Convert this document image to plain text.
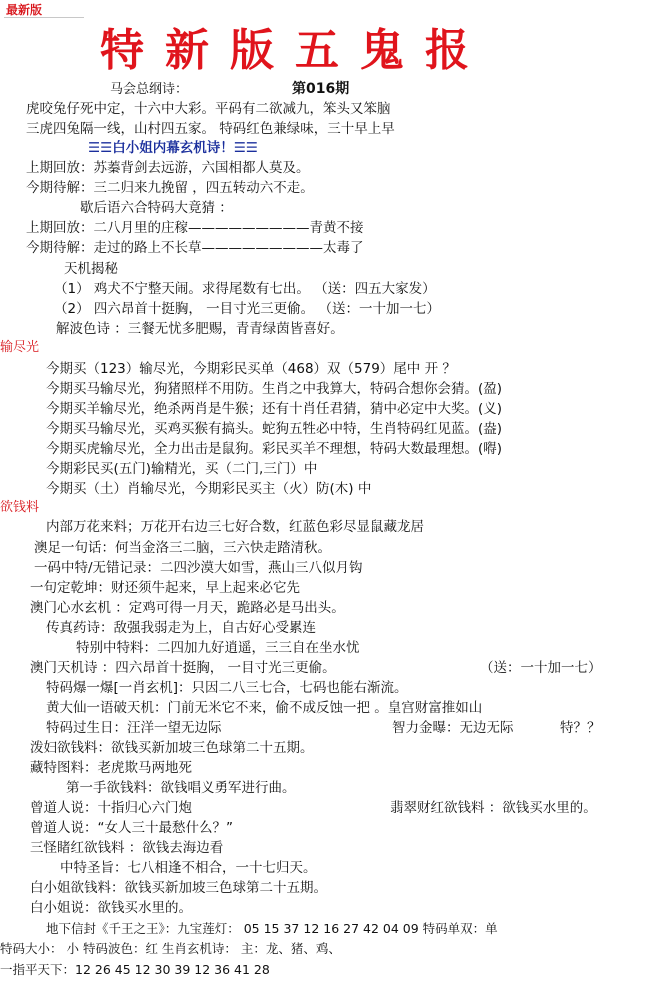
最新版
特新版五鬼报
马会总纲诗：	第016期
虎咬兔仔死中定，十六中大彩。平码有二欲减九，笨头又笨脑
三虎四兔隔一线，山村四五家。 特码红色兼绿味，三十早上早
☰☰白小姐内幕玄机诗！☰☰
上期回放：苏蓁背剑去远游，六国相都人莫及。
今期待解：三二归来九挽留 ，四五转动六不走。
歇后语六合特码大竟猜 ：
上期回放：二八月里的庄稼—————————青黄不接
今期待解：走过的路上不长草—————————太毒了
天机揭秘
（1） 鸡犬不宁整天闹。求得尾数有七出。 （送：四五大家发）
（2） 四六昂首十挺胸， 一目寸光三更偷。 （送：一十加一七）
解波色诗 ：三餐无忧多肥赐，青青绿茵皆喜好。
输尽光
今期买（123）输尽光，今期彩民买单（468）双（579）尾中 开 ？
今期买马输尽光，狗猪照样不用防。生肖之中我算大，特码合想你会猜。(盈)
今期买羊输尽光，绝杀两肖是牛猴；还有十肖任君猜，猜中必定中大奖。(义)
今期买马输尽光，买鸡买猴有搞头。蛇狗五牲必中特，生肖特码红见蓝。(盎)
今期买虎输尽光，全力出击是鼠狗。彩民买羊不理想，特码大数最理想。(嘚)
今期彩民买(五门)输精光，买（二门,三门）中
今期买（土）肖输尽光，今期彩民买主（火）防(木) 中
欲钱料
内部万花来料；万花开右边三七好合数，红蓝色彩尽显鼠藏龙居
澳足一句话：何当金洛三二脑，三六快走踏清秋。
一码中特/无错记录：二四沙漠大如雪，燕山三八似月钩
一句定乾坤：财还须牛起来，早上起来必它先
澳门心水玄机 ：定鸡可得一月天，跪路必是马出头。
传真药诗：敌强我弱走为上，自古好心受累连
特别中特料：二四加九好逍遥，三三自在坐水忧
澳门天机诗 ：四六昂首十挺胸， 一目寸光三更偷。	（送：一十加一七）
特码爆一爆[一肖玄机]：只因二八三七合，七码也能右渐流。
黄大仙一语破天机：门前无米它不来，偷不成反蚀一把 。皇宫财富推如山
特码过生日：汪洋一望无边际	智力金曝：无边无际	特？？
泼妇欲钱料：欲钱买新加坡三色球第二十五期。
藏特图料：老虎欺马两地死
第一手欲钱料：欲钱唱义勇军进行曲。
曾道人说：十指归心六门炮	翡翠财红欲钱料 ：欲钱买水里的。
曾道人说：“女人三十最愁什么？”
三怪睹红欲钱料 ：欲钱去海边看
中特圣旨：七八相逢不相合，一十七归天。
白小姐欲钱料：欲钱买新加坡三色球第二十五期。
白小姐说：欲钱买水里的。
地下信封《千王之王》：九宝莲灯： 05 15 37 12 16 27 42 04 09 特码单双：单
特码大小： 小 特码波色：红 生肖玄机诗： 主：龙、猪、鸡、
一指平天下：12 26 45 12 30 39 12 36 41 28
